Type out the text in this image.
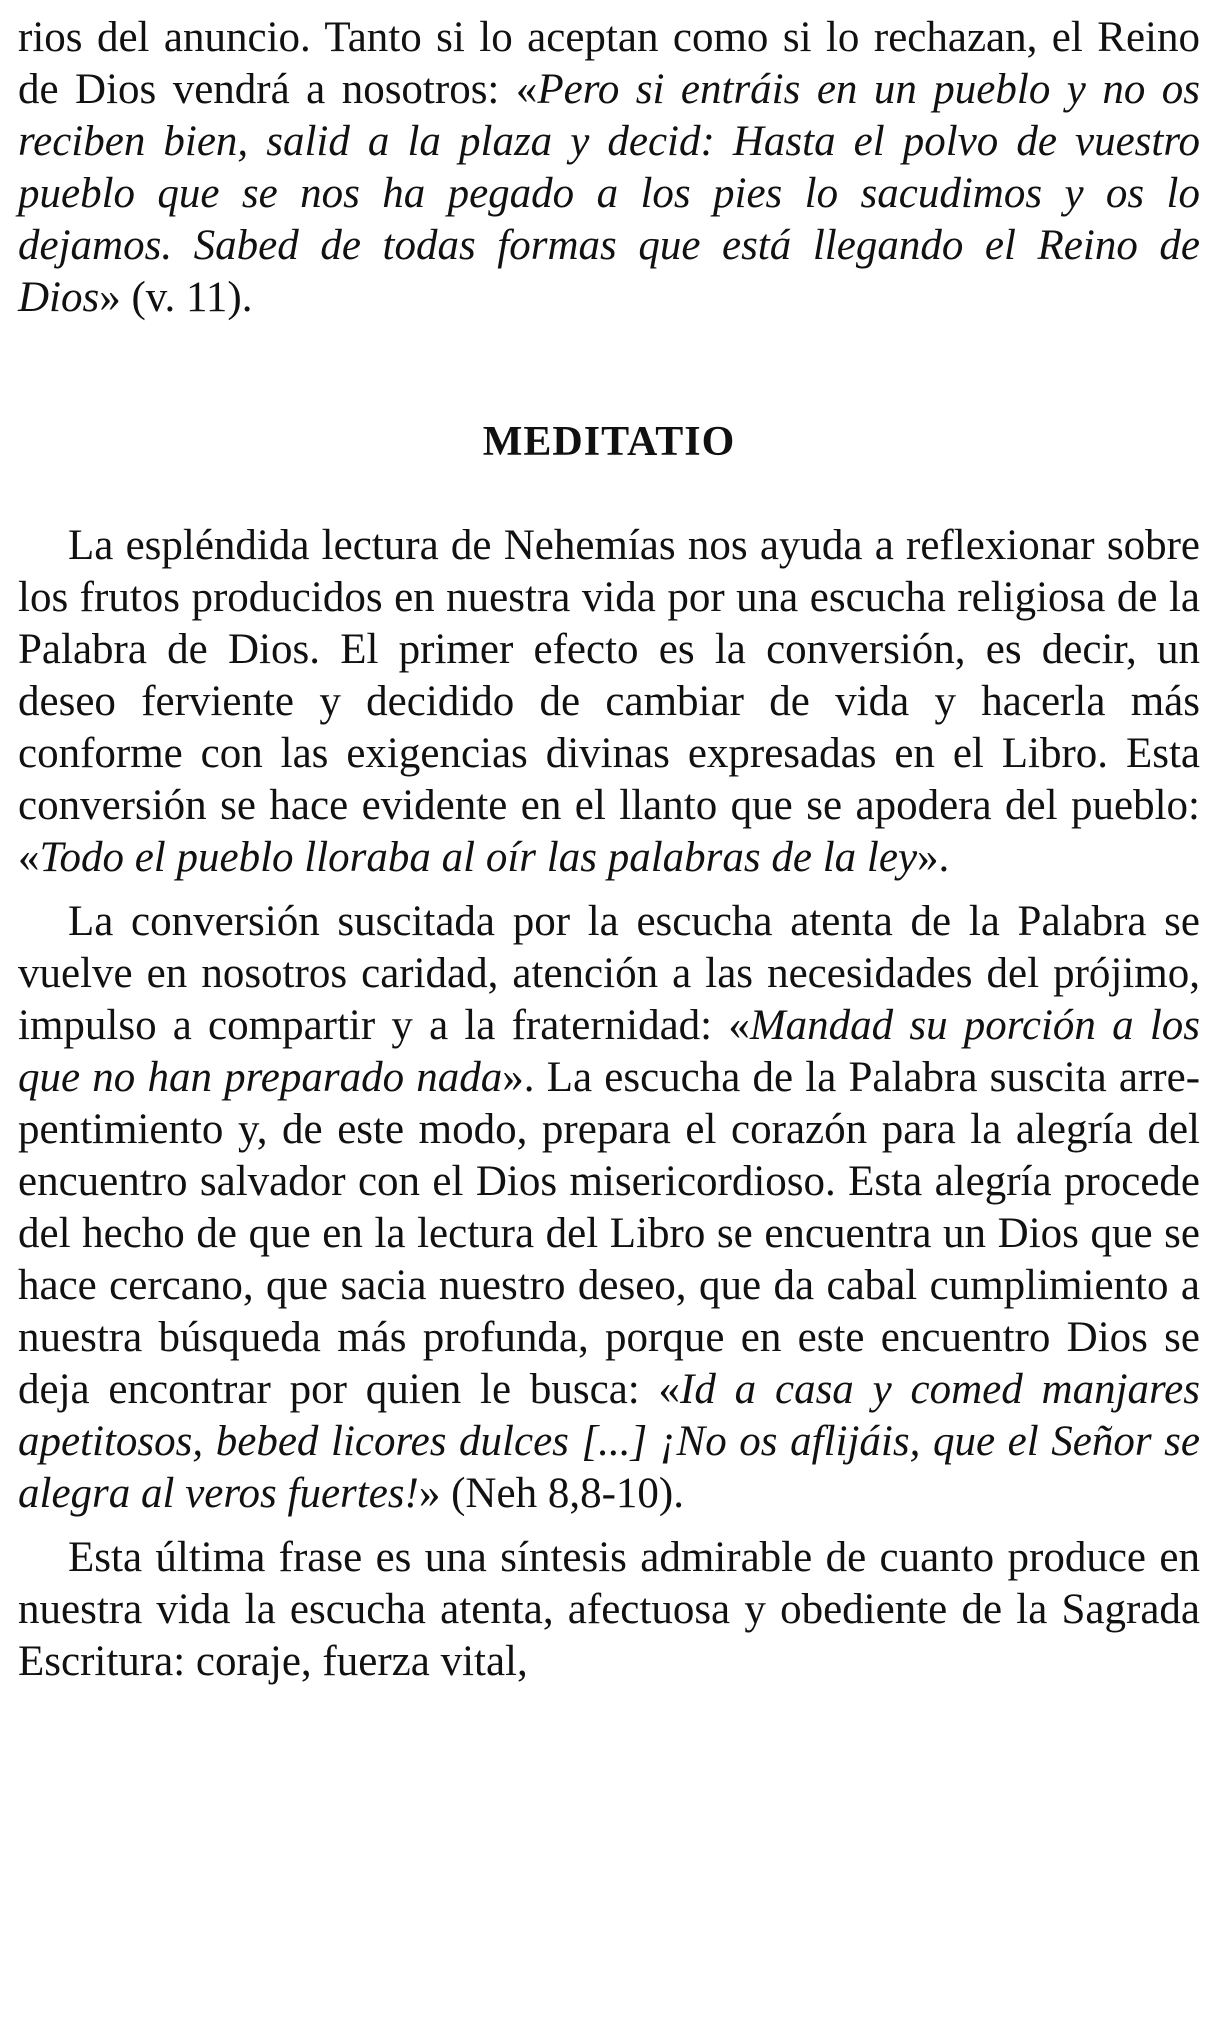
rios del anuncio. Tanto si lo aceptan como si lo rechazan, el Reino de Dios vendrá a nosotros: «Pero si entráis en un pueblo y no os reciben bien, salid a la plaza y decid: Hasta el polvo de vuestro pueblo que se nos ha pegado a los pies lo sacudimos y os lo dejamos. Sabed de todas formas que está llegando el Reino de Dios» (v. 11).

MEDITATIO

La espléndida lectura de Nehemías nos ayuda a reflexionar sobre los frutos producidos en nuestra vida por una escucha religiosa de la Palabra de Dios. El primer efecto es la conversión, es decir, un deseo ferviente y decidido de cambiar de vida y hacerla más conforme con las exigencias divinas expresadas en el Libro. Esta conversión se hace evidente en el llanto que se apodera del pueblo: «Todo el pueblo lloraba al oír las palabras de la ley».

La conversión suscitada por la escucha atenta de la Palabra se vuelve en nosotros caridad, atención a las necesidades del prójimo, impulso a compartir y a la fraternidad: «Mandad su porción a los que no han preparado nada». La escucha de la Palabra suscita arrepentimiento y, de este modo, prepara el corazón para la alegría del encuentro salvador con el Dios misericordioso. Esta alegría procede del hecho de que en la lectura del Libro se encuentra un Dios que se hace cercano, que sacia nuestro deseo, que da cabal cumplimiento a nuestra búsqueda más profunda, porque en este encuentro Dios se deja encontrar por quien le busca: «Id a casa y comed manjares apetitosos, bebed licores dulces [...] ¡No os aflijáis, que el Señor se alegra al veros fuertes!» (Neh 8,8-10).

Esta última frase es una síntesis admirable de cuanto produce en nuestra vida la escucha atenta, afectuosa y obediente de la Sagrada Escritura: coraje, fuerza vital,
